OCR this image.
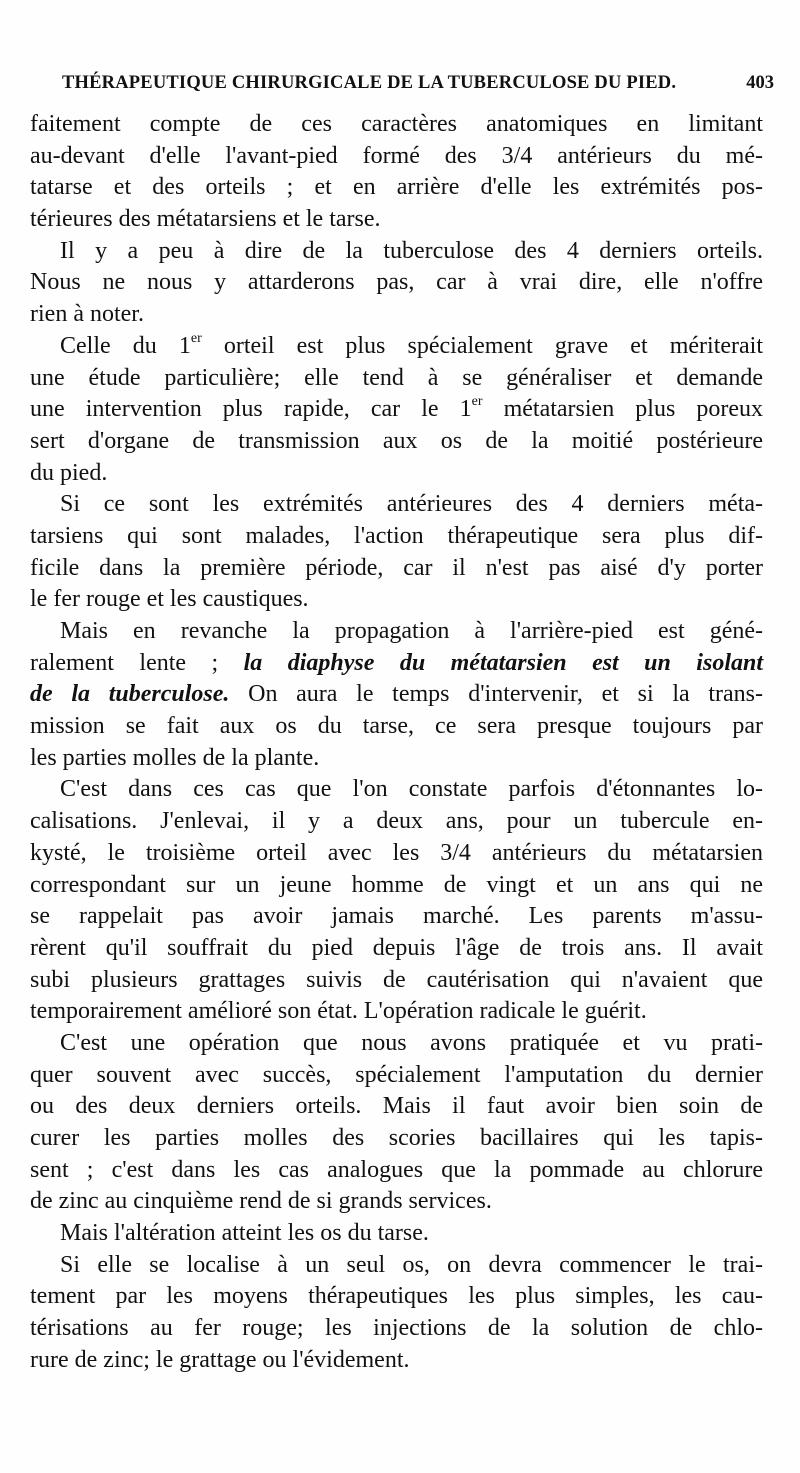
THÉRAPEUTIQUE CHIRURGICALE DE LA TUBERCULOSE DU PIED.	403
faitement compte de ces caractères anatomiques en limitant
au-devant d'elle l'avant-pied formé des 3/4 antérieurs du mé-
tatarse et des orteils ; et en arrière d'elle les extrémités pos-
térieures des métatarsiens et le tarse.
Il y a peu à dire de la tuberculose des 4 derniers orteils.
Nous ne nous y attarderons pas, car à vrai dire, elle n'offre
rien à noter.
Celle du 1er orteil est plus spécialement grave et mériterait
une étude particulière; elle tend à se généraliser et demande
une intervention plus rapide, car le 1er métatarsien plus poreux
sert d'organe de transmission aux os de la moitié postérieure
du pied.
Si ce sont les extrémités antérieures des 4 derniers méta-
tarsiens qui sont malades, l'action thérapeutique sera plus dif-
ficile dans la première période, car il n'est pas aisé d'y porter
le fer rouge et les caustiques.
Mais en revanche la propagation à l'arrière-pied est géné-
ralement lente ; la diaphyse du métatarsien est un isolant
de la tuberculose. On aura le temps d'intervenir, et si la trans-
mission se fait aux os du tarse, ce sera presque toujours par
les parties molles de la plante.
C'est dans ces cas que l'on constate parfois d'étonnantes lo-
calisations. J'enlevai, il y a deux ans, pour un tubercule en-
kysté, le troisième orteil avec les 3/4 antérieurs du métatarsien
correspondant sur un jeune homme de vingt et un ans qui ne
se rappelait pas avoir jamais marché. Les parents m'assu-
rèrent qu'il souffrait du pied depuis l'âge de trois ans. Il avait
subi plusieurs grattages suivis de cautérisation qui n'avaient que
temporairement amélioré son état. L'opération radicale le guérit.
C'est une opération que nous avons pratiquée et vu prati-
quer souvent avec succès, spécialement l'amputation du dernier
ou des deux derniers orteils. Mais il faut avoir bien soin de
curer les parties molles des scories bacillaires qui les tapis-
sent ; c'est dans les cas analogues que la pommade au chlorure
de zinc au cinquième rend de si grands services.
Mais l'altération atteint les os du tarse.
Si elle se localise à un seul os, on devra commencer le trai-
tement par les moyens thérapeutiques les plus simples, les cau-
térisations au fer rouge; les injections de la solution de chlo-
rure de zinc; le grattage ou l'évidement.
